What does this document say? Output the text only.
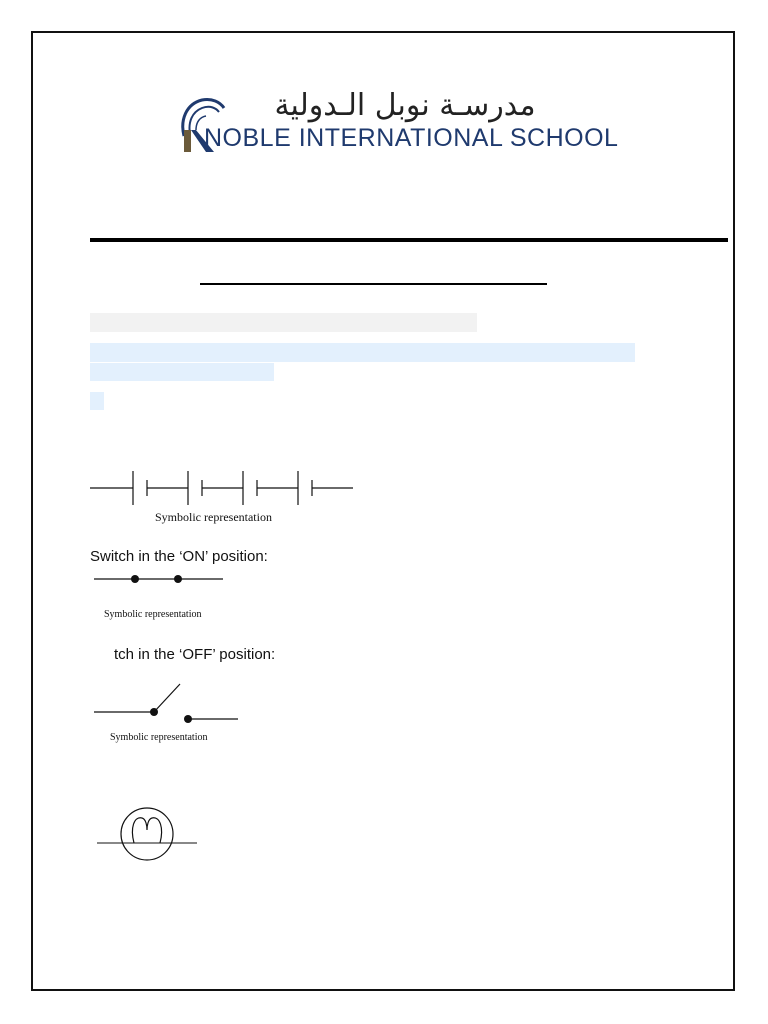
مدرسـة نوبل الـدولية
NOBLE INTERNATIONAL SCHOOL
Symbolic representation
Switch in the ‘ON’ position:
Symbolic representation
tch in the ‘OFF’ position:
Symbolic representation
